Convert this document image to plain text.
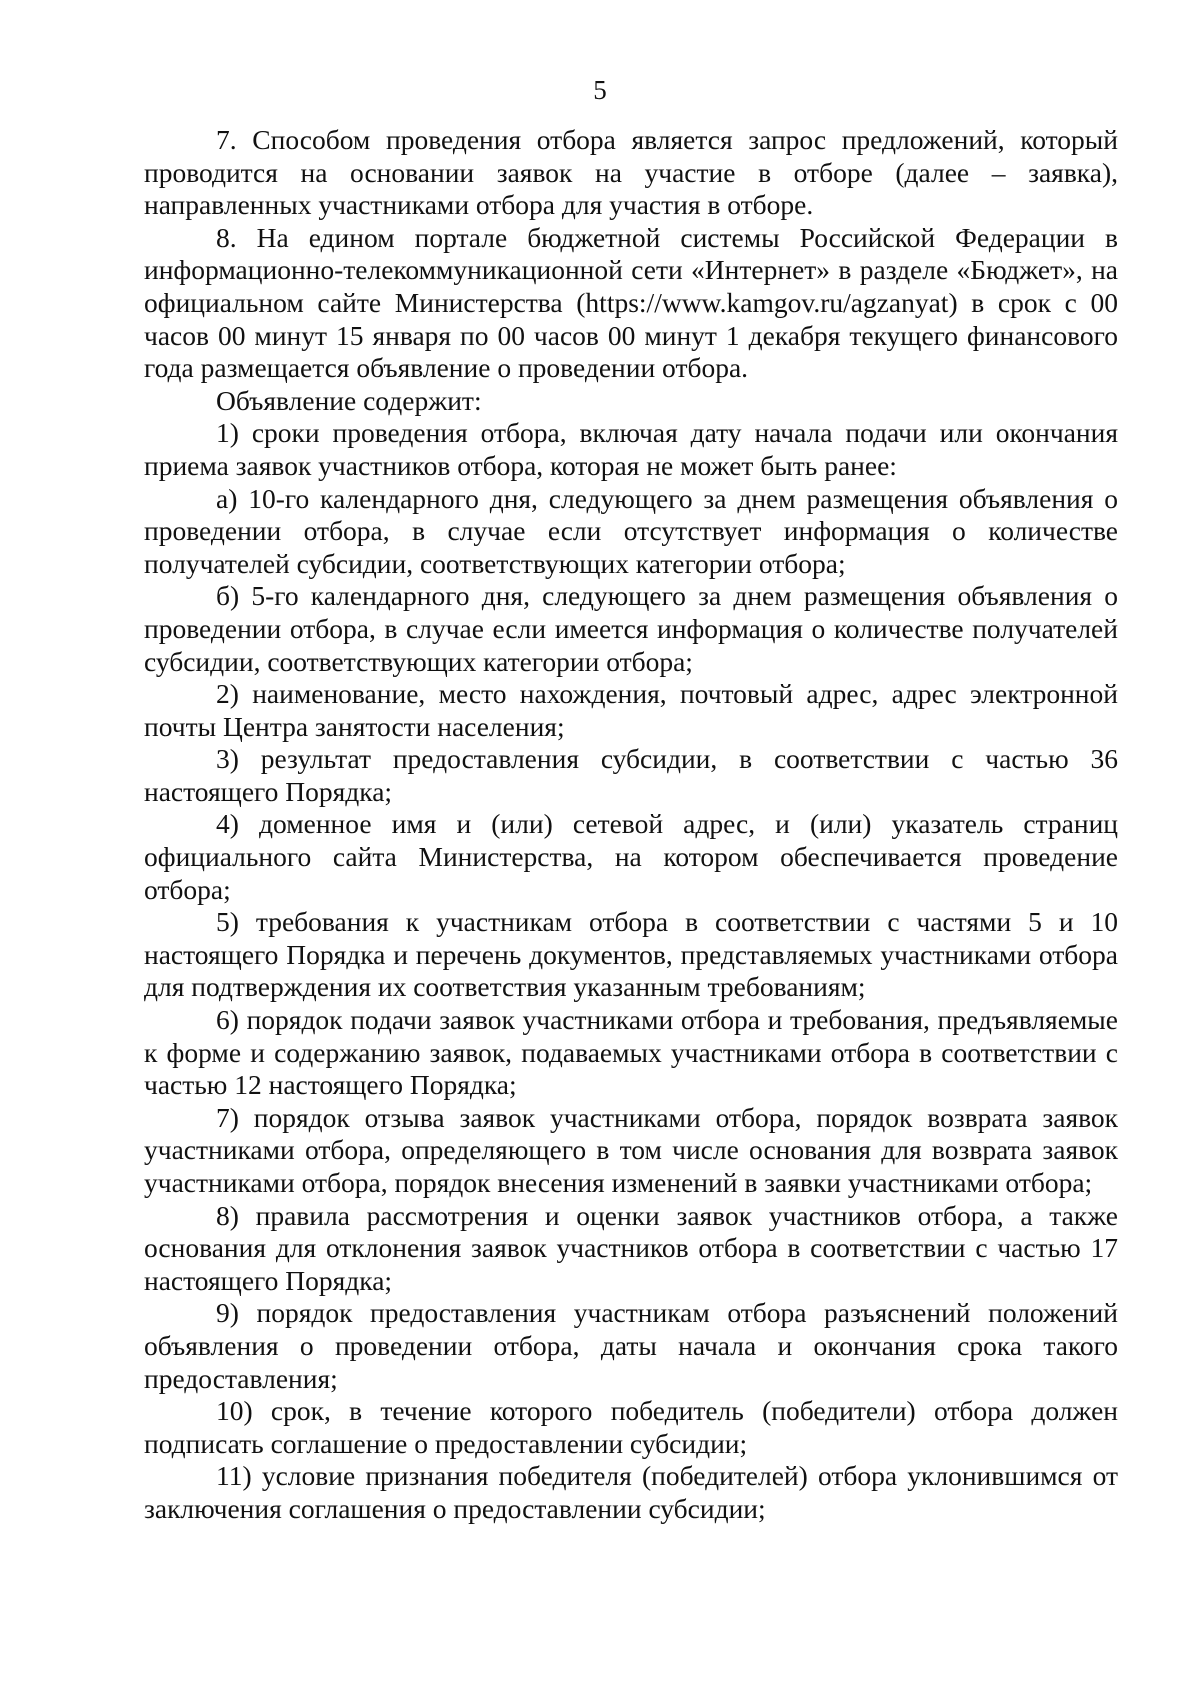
5

7. Способом проведения отбора является запрос предложений, который проводится на основании заявок на участие в отборе (далее – заявка), направленных участниками отбора для участия в отборе.

8. На едином портале бюджетной системы Российской Федерации в информационно-телекоммуникационной сети «Интернет» в разделе «Бюджет», на официальном сайте Министерства (https://www.kamgov.ru/agzanyat) в срок с 00 часов 00 минут 15 января по 00 часов 00 минут 1 декабря текущего финансового года размещается объявление о проведении отбора.

Объявление содержит:

1) сроки проведения отбора, включая дату начала подачи или окончания приема заявок участников отбора, которая не может быть ранее:

а) 10-го календарного дня, следующего за днем размещения объявления о проведении отбора, в случае если отсутствует информация о количестве получателей субсидии, соответствующих категории отбора;

б) 5-го календарного дня, следующего за днем размещения объявления о проведении отбора, в случае если имеется информация о количестве получателей субсидии, соответствующих категории отбора;

2) наименование, место нахождения, почтовый адрес, адрес электронной почты Центра занятости населения;

3) результат предоставления субсидии, в соответствии с частью 36 настоящего Порядка;

4) доменное имя и (или) сетевой адрес, и (или) указатель страниц официального сайта Министерства, на котором обеспечивается проведение отбора;

5) требования к участникам отбора в соответствии с частями 5 и 10 настоящего Порядка и перечень документов, представляемых участниками отбора для подтверждения их соответствия указанным требованиям;

6) порядок подачи заявок участниками отбора и требования, предъявляемые к форме и содержанию заявок, подаваемых участниками отбора в соответствии с частью 12 настоящего Порядка;

7) порядок отзыва заявок участниками отбора, порядок возврата заявок участниками отбора, определяющего в том числе основания для возврата заявок участниками отбора, порядок внесения изменений в заявки участниками отбора;

8) правила рассмотрения и оценки заявок участников отбора, а также основания для отклонения заявок участников отбора в соответствии с частью 17 настоящего Порядка;

9) порядок предоставления участникам отбора разъяснений положений объявления о проведении отбора, даты начала и окончания срока такого предоставления;

10) срок, в течение которого победитель (победители) отбора должен подписать соглашение о предоставлении субсидии;

11) условие признания победителя (победителей) отбора уклонившимся от заключения соглашения о предоставлении субсидии;
